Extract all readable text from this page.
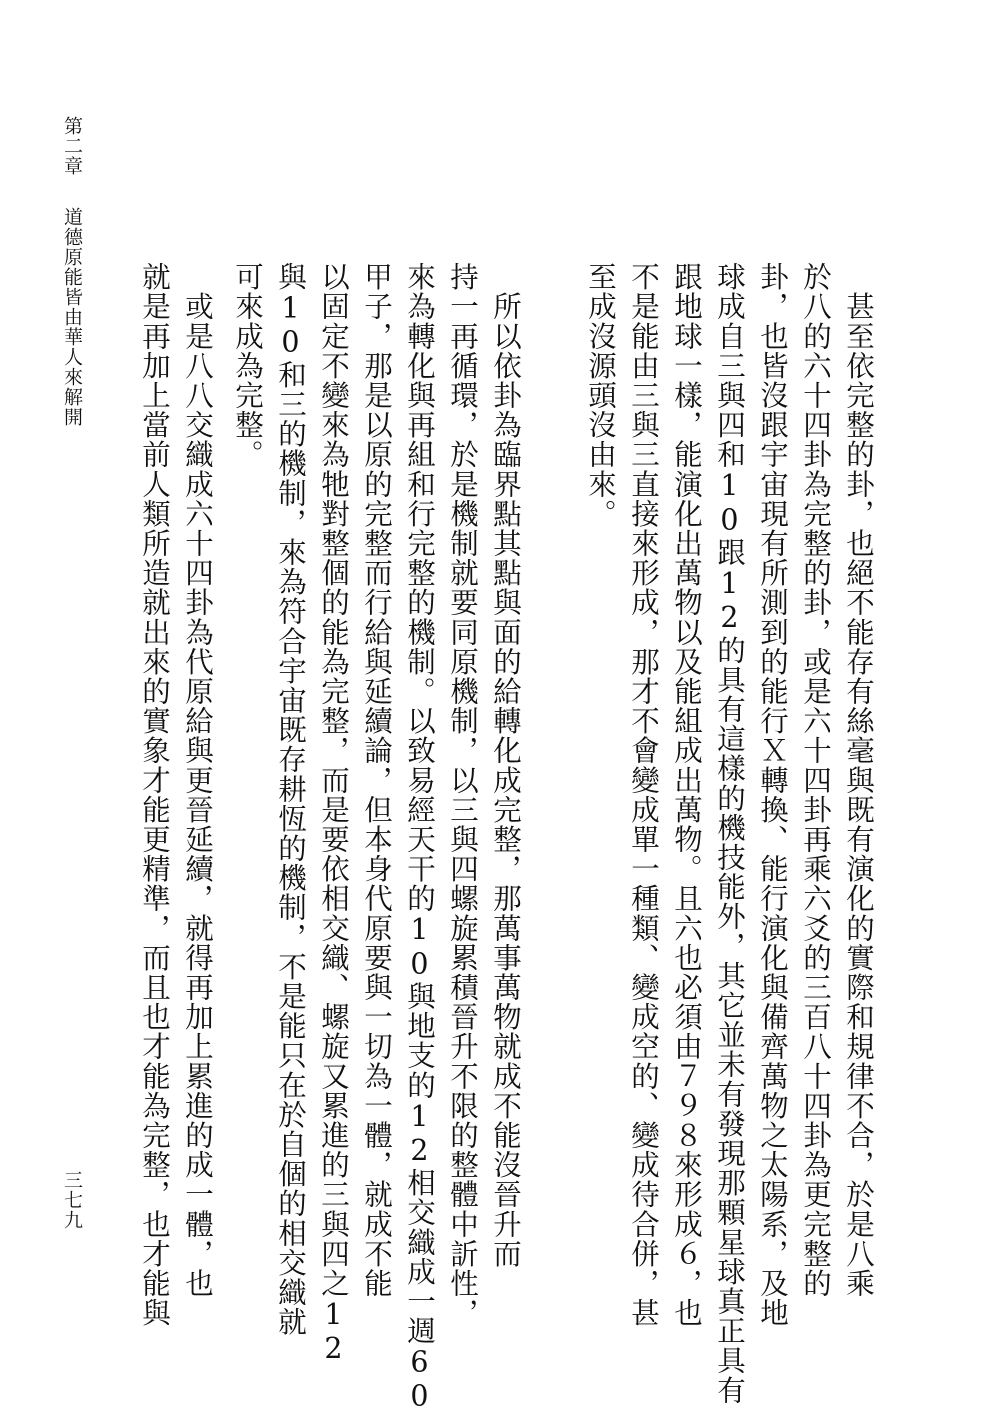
第二章
道德原能皆由華人來解開
三七九	　甚至依完整的卦，也絕不能存有絲毫與既有演化的實際和規律不合，於是八乘
於八的六十四卦為完整的卦，或是六十四卦再乘六爻的三百八十四卦為更完整的
卦，也皆沒跟宇宙現有所測到的能行Ｘ轉換、能行演化與備齊萬物之太陽系，及地
球成自三與四和10跟12的具有這樣的機技能外，其它並未有發現那顆星球真正具有
跟地球一樣，能演化出萬物以及能組成出萬物。且六也必須由７９８來形成６，也
不是能由三與三直接來形成，那才不會變成單一種類、變成空的、變成待合併，甚
至成沒源頭沒由來。
　所以依卦為臨界點其點與面的給轉化成完整，那萬事萬物就成不能沒晉升而
持一再循環，於是機制就要同原機制，以三與四螺旋累積晉升不限的整體中訢性，
來為轉化與再組和行完整的機制。以致易經天干的10與地支的12相交織成一週60
甲子，那是以原的完整而行給與延續論，但本身代原要與一切為一體，就成不能
以固定不變來為牠對整個的能為完整，而是要依相交織、螺旋又累進的三與四之12
與10和三的機制，來為符合宇宙既存耕恆的機制，不是能只在於自個的相交織就
可來成為完整。
　或是八八交織成六十四卦為代原給與更晉延續，就得再加上累進的成一體，也
就是再加上當前人類所造就出來的實象才能更精準，而且也才能為完整，也才能與
